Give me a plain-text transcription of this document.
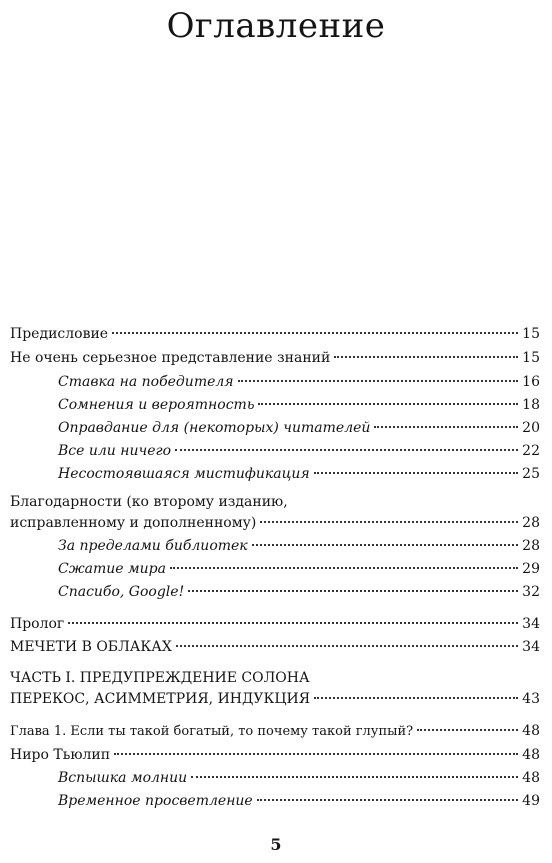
Оглавление
Предисловие	15
Не очень серьезное представление знаний	15
Ставка на победителя	16
Сомнения и вероятность	18
Оправдание для (некоторых) читателей	20
Все или ничего	22
Несостоявшаяся мистификация	25
Благодарности (ко второму изданию,
исправленному и дополненному)	28
За пределами библиотек	28
Сжатие мира	29
Спасибо, Google!	32
Пролог	34
МЕЧЕТИ В ОБЛАКАХ	34
ЧАСТЬ I. ПРЕДУПРЕЖДЕНИЕ СОЛОНА
ПЕРЕКОС, АСИММЕТРИЯ, ИНДУКЦИЯ	43
Глава 1. Если ты такой богатый, то почему такой глупый?	48
Ниро Тьюлип	48
Вспышка молнии	48
Временное просветление	49
5
